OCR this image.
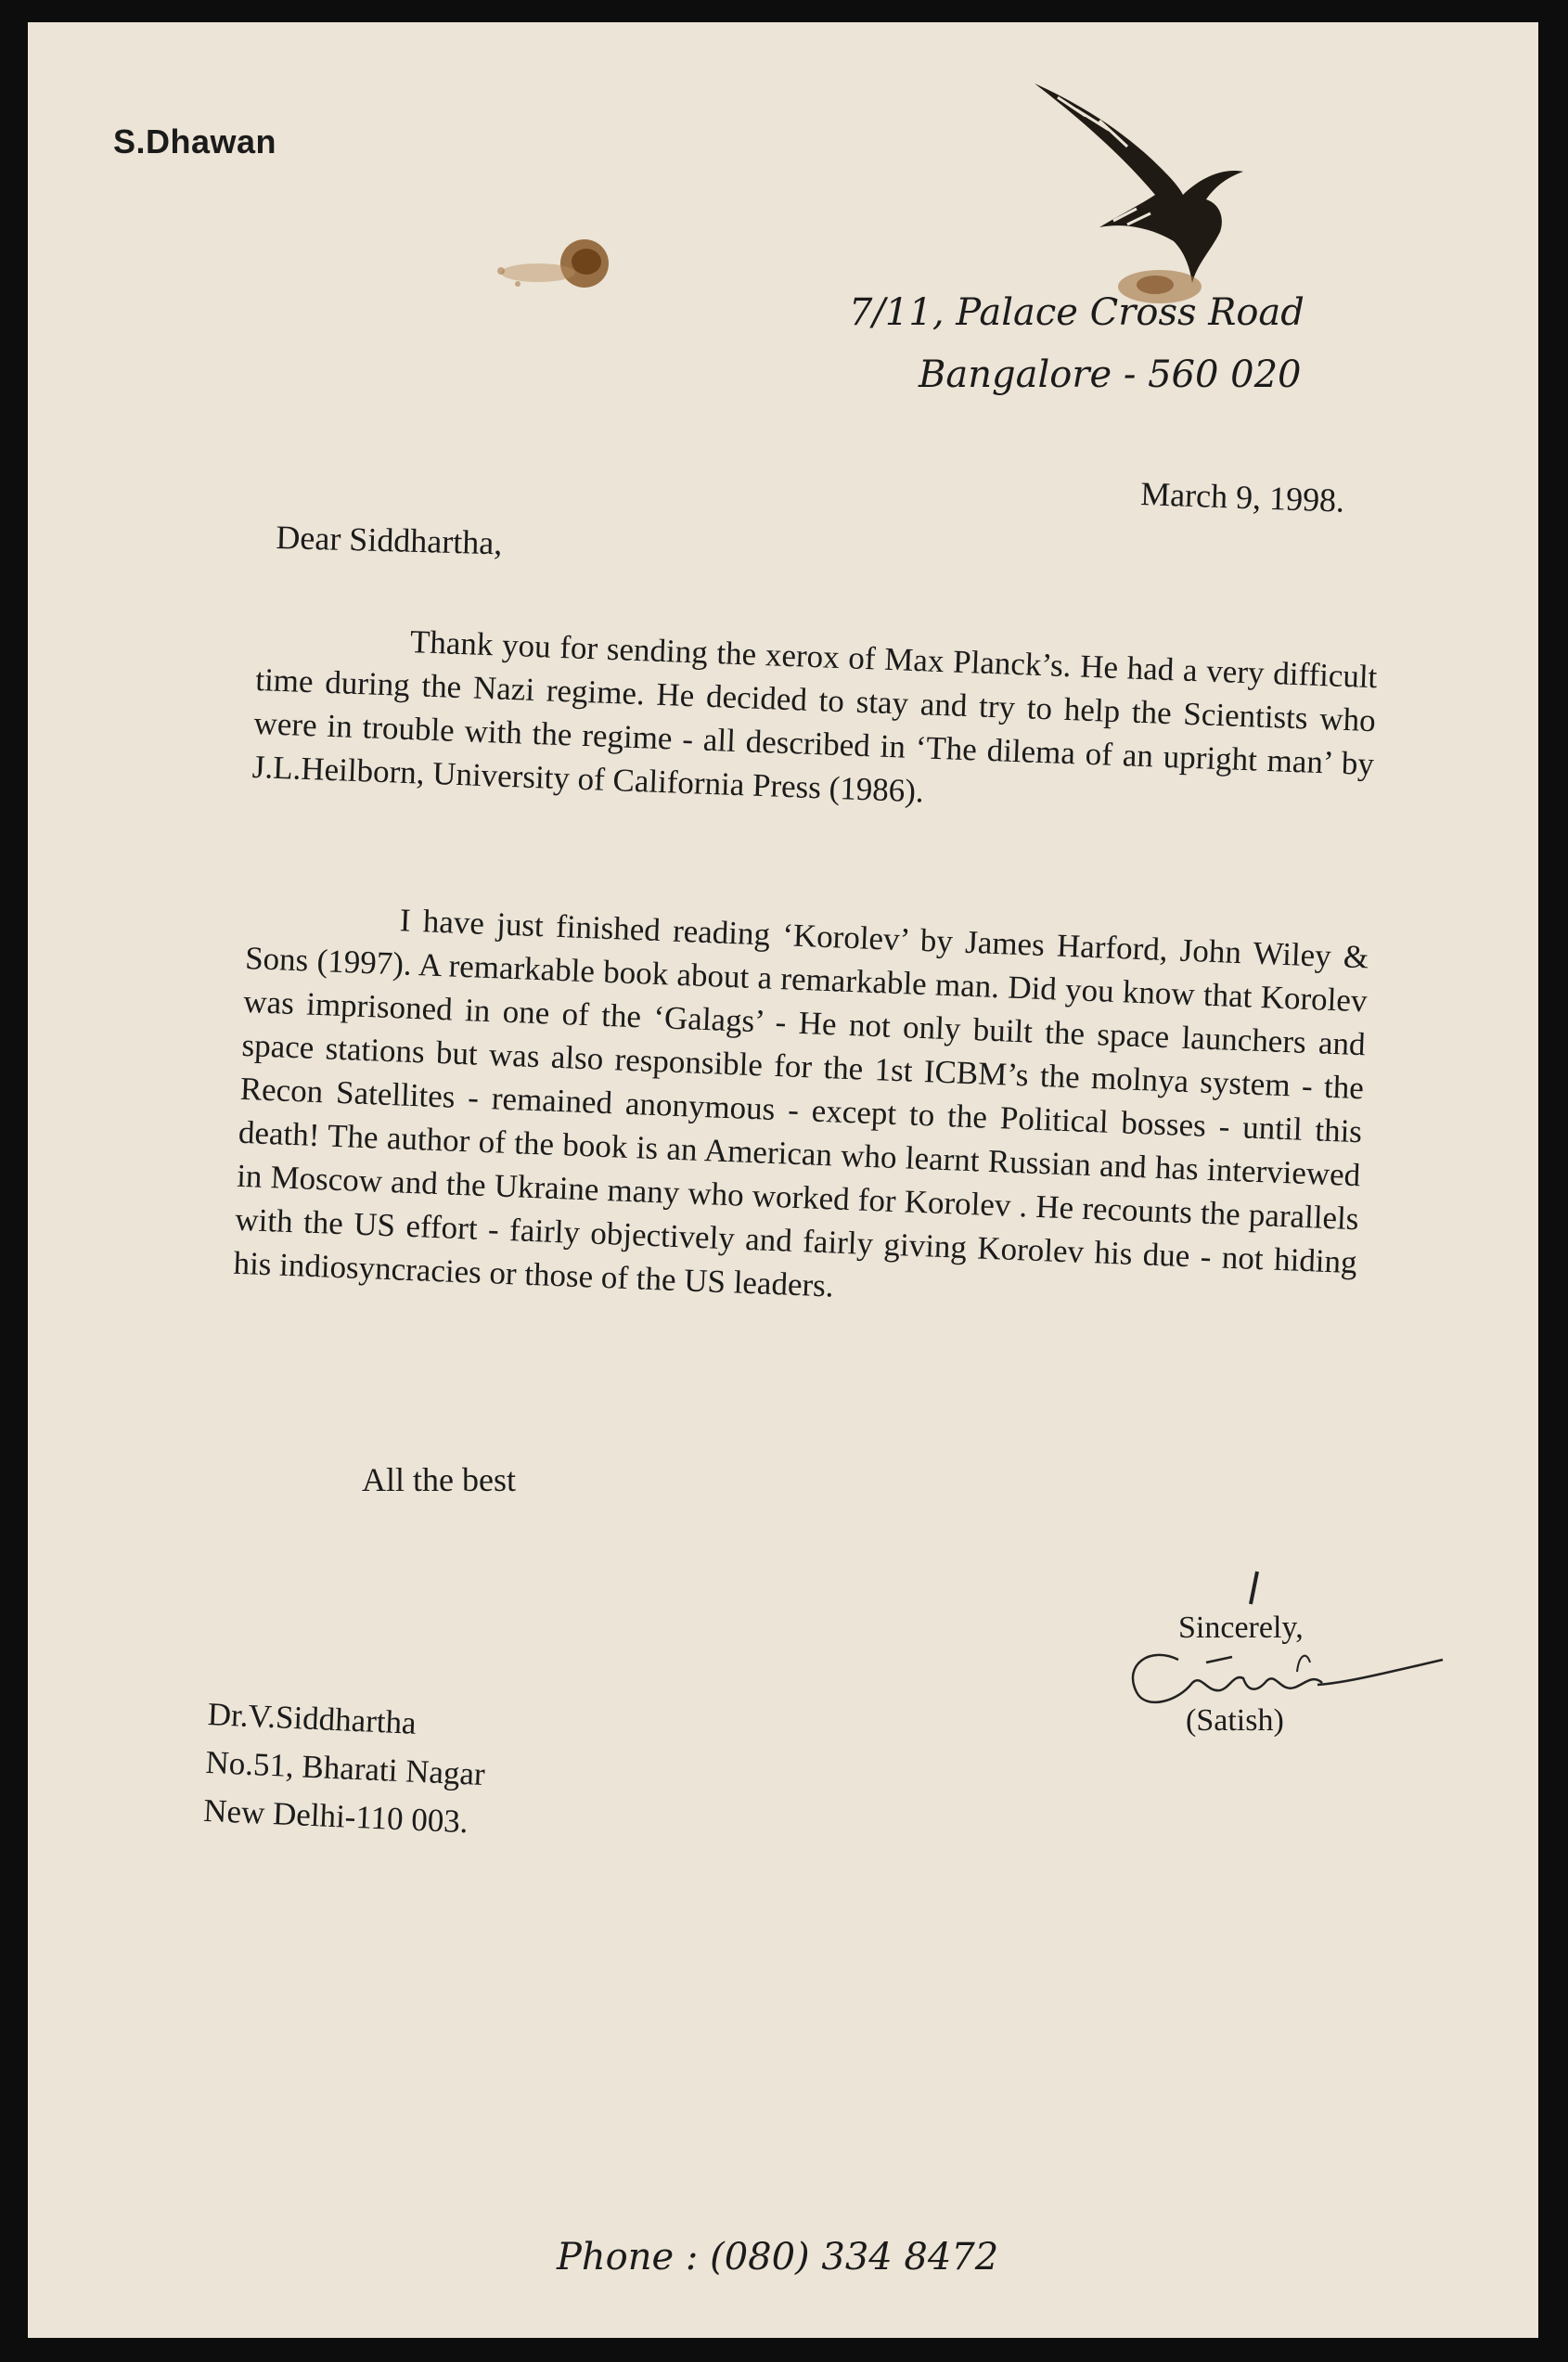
S.Dhawan
7/11, Palace Cross Road
Bangalore - 560 020
March 9, 1998.
Dear Siddhartha,

Thank you for sending the xerox of Max Planck’s. He had a very difficult time during the Nazi regime. He decided to stay and try to help the Scientists who were in trouble with the regime - all described in ‘The dilema of an upright man’ by J.L.Heilborn, University of California Press (1986).

I have just finished reading ‘Korolev’ by James Harford, John Wiley & Sons (1997). A remarkable book about a remarkable man. Did you know that Korolev was imprisoned in one of the ‘Galags’ - He not only built the space launchers and space stations but was also responsible for the 1st ICBM’s the molnya system - the Recon Satellites - remained anonymous - except to the Political bosses - until this death! The author of the book is an American who learnt Russian and has interviewed in Moscow and the Ukraine many who worked for Korolev . He recounts the parallels with the US effort - fairly objectively and fairly giving Korolev his due - not hiding his indiosyncracies or those of the US leaders.

All the best
Sincerely,
(Satish)
Dr.V.Siddhartha
No.51, Bharati Nagar
New Delhi-110 003.
Phone : (080) 334 8472
